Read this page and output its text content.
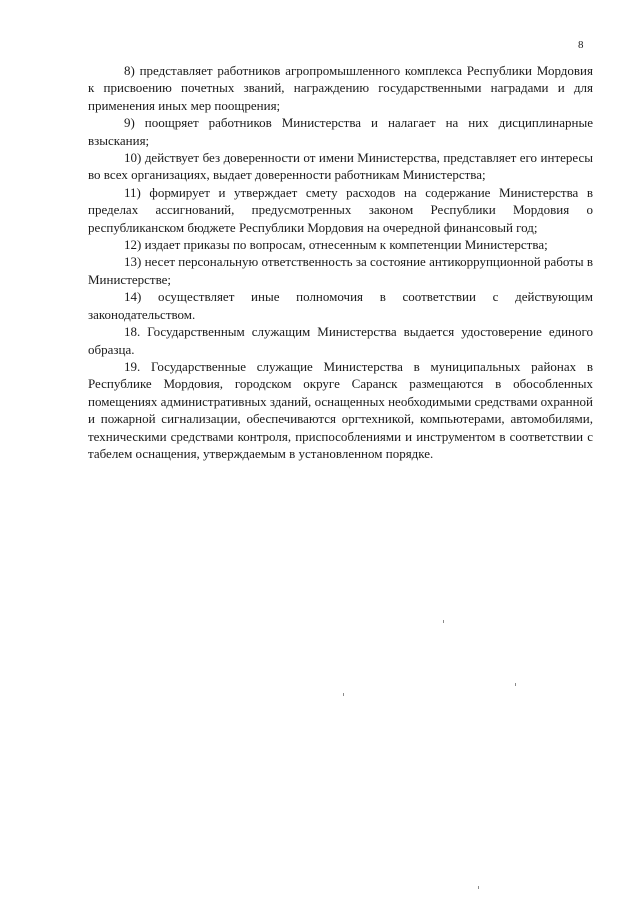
8

8) представляет работников агропромышленного комплекса Республики Мордовия к присвоению почетных званий, награждению государственными наградами и для применения иных мер поощрения;

9) поощряет работников Министерства и налагает на них дисциплинарные взыскания;

10) действует без доверенности от имени Министерства, представляет его интересы во всех организациях, выдает доверенности работникам Министерства;

11) формирует и утверждает смету расходов на содержание Министерства в пределах ассигнований, предусмотренных законом Республики Мордовия о республиканском бюджете Республики Мордовия на очередной финансовый год;

12) издает приказы по вопросам, отнесенным к компетенции Министерства;

13) несет персональную ответственность за состояние антикоррупционной работы в Министерстве;

14) осуществляет иные полномочия в соответствии с действующим законодательством.

18. Государственным служащим Министерства выдается удостоверение единого образца.

19. Государственные служащие Министерства в муниципальных районах в Республике Мордовия, городском округе Саранск размещаются в обособленных помещениях административных зданий, оснащенных необходимыми средствами охранной и пожарной сигнализации, обеспечиваются оргтехникой, компьютерами, автомобилями, техническими средствами контроля, приспособлениями и инструментом в соответствии с табелем оснащения, утверждаемым в установленном порядке.
